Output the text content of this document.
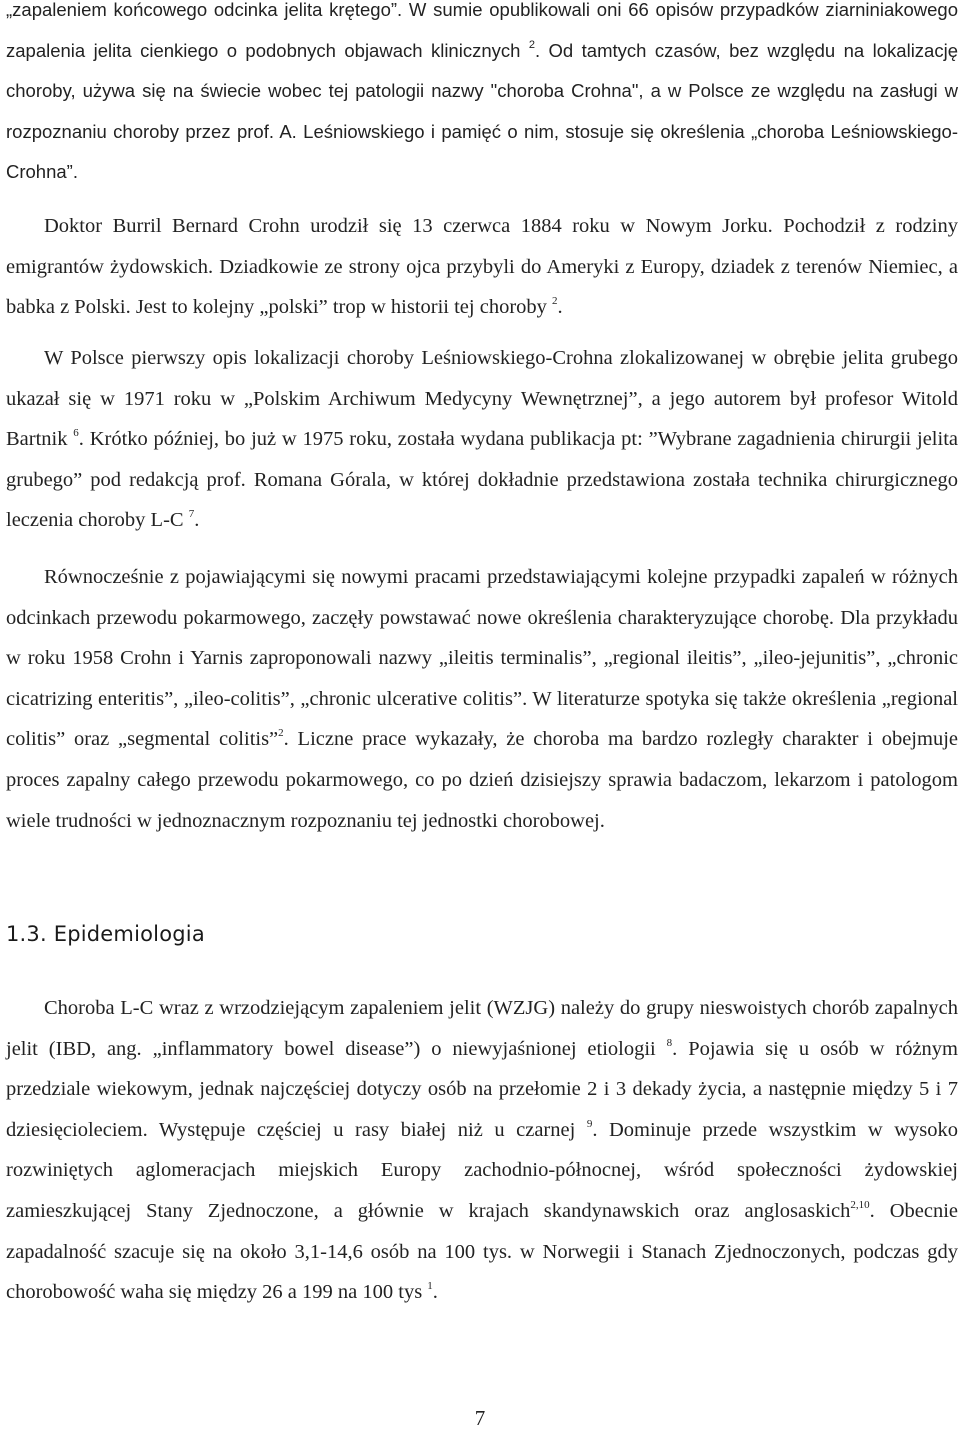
„zapaleniem końcowego odcinka jelita krętego”. W sumie opublikowali oni 66 opisów przypadków ziarniniakowego zapalenia jelita cienkiego o podobnych objawach klinicznych $^2$. Od tamtych czasów, bez względu na lokalizację choroby, używa się na świecie wobec tej patologii nazwy "choroba Crohna", a w Polsce ze względu na zasługi w rozpoznaniu choroby przez prof. A. Leśniowskiego i pamięć o nim, stosuje się określenia „choroba Leśniowskiego-Crohna”.

Doktor Burril Bernard Crohn urodził się 13 czerwca 1884 roku w Nowym Jorku. Pochodził z rodziny emigrantów żydowskich. Dziadkowie ze strony ojca przybyli do Ameryki z Europy, dziadek z terenów Niemiec, a babka z Polski. Jest to kolejny „polski” trop w historii tej choroby $^2$.

W Polsce pierwszy opis lokalizacji choroby Leśniowskiego-Crohna zlokalizowanej w obrębie jelita grubego ukazał się w 1971 roku w „Polskim Archiwum Medycyny Wewnętrznej”, a jego autorem był profesor Witold Bartnik $^6$. Krótko później, bo już w 1975 roku, została wydana publikacja pt: ”Wybrane zagadnienia chirurgii jelita grubego” pod redakcją prof. Romana Górala, w której dokładnie przedstawiona została technika chirurgicznego leczenia choroby L-C $^7$.

Równocześnie z pojawiającymi się nowymi pracami przedstawiającymi kolejne przypadki zapaleń w różnych odcinkach przewodu pokarmowego, zaczęły powstawać nowe określenia charakteryzujące chorobę. Dla przykładu w roku 1958 Crohn i Yarnis zaproponowali nazwy „ileitis terminalis”, „regional ileitis”, „ileo-jejunitis”, „chronic cicatrizing enteritis”, „ileo-colitis”, „chronic ulcerative colitis”. W literaturze spotyka się także określenia „regional colitis” oraz „segmental colitis”$^2$. Liczne prace wykazały, że choroba ma bardzo rozległy charakter i obejmuje proces zapalny całego przewodu pokarmowego, co po dzień dzisiejszy sprawia badaczom, lekarzom i patologom wiele trudności w jednoznacznym rozpoznaniu tej jednostki chorobowej.

1.3. Epidemiologia

Choroba L-C wraz z wrzodziejącym zapaleniem jelit (WZJG) należy do grupy nieswoistych chorób zapalnych jelit (IBD, ang. „inflammatory bowel disease”) o niewyjaśnionej etiologii $^8$. Pojawia się u osób w różnym przedziale wiekowym, jednak najczęściej dotyczy osób na przełomie 2 i 3 dekady życia, a następnie między 5 i 7 dziesięcioleciem. Występuje częściej u rasy białej niż u czarnej $^9$. Dominuje przede wszystkim w wysoko rozwiniętych aglomeracjach miejskich Europy zachodnio-północnej, wśród społeczności żydowskiej zamieszkującej Stany Zjednoczone, a głównie w krajach skandynawskich oraz anglosaskich$^{2,10}$. Obecnie zapadalność szacuje się na około 3,1-14,6 osób na 100 tys. w Norwegii i Stanach Zjednoczonych, podczas gdy chorobowość waha się między 26 a 199 na 100 tys $^1$.

7
